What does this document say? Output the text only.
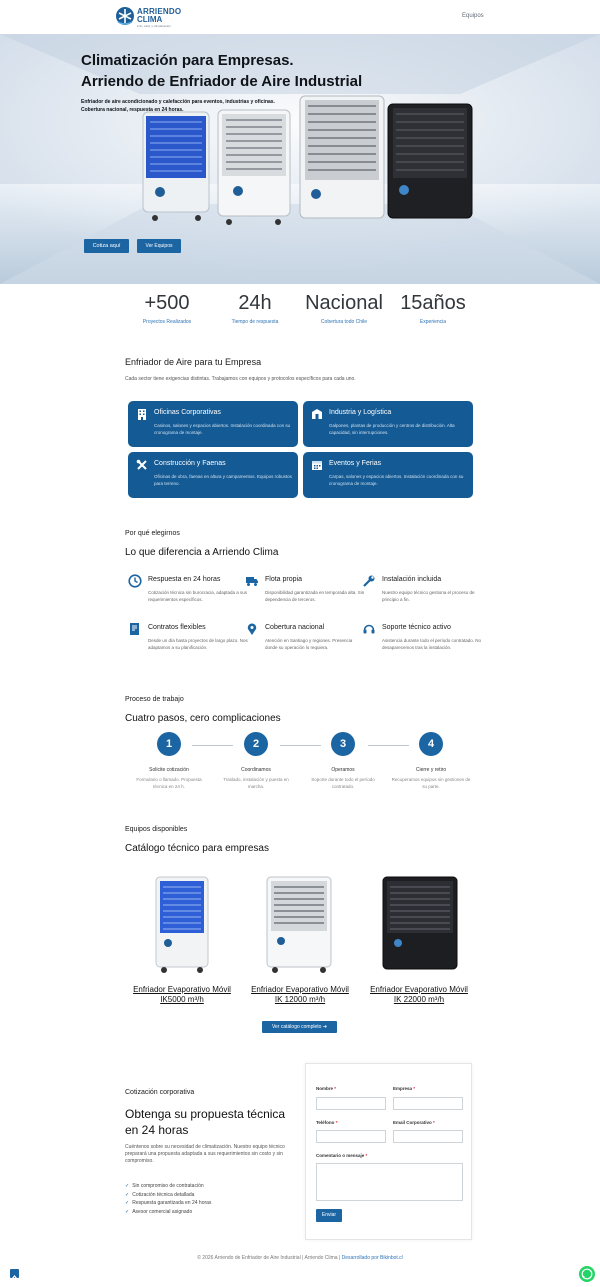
ARRIENDO
CLIMA
Frío, calor y climatización
Equipos
Climatización para Empresas.
Arriendo de Enfriador de Aire Industrial
Enfriador de aire acondicionado y calefacción para eventos, industrias y oficinas.
Cobertura nacional, respuesta en 24 horas.
Cotiza aquí	Ver Equipos
+500
Proyectos Realizados
24h
Tiempo de respuesta
Nacional
Cobertura todo Chile
15años
Experiencia
Enfriador de Aire para tu Empresa
Cada sector tiene exigencias distintas. Trabajamos con equipos y protocolos específicos para cada uno.
Oficinas Corporativas
Casinos, salones y espacios abiertos. Instalación coordinada con su cronograma de montaje.
Industria y Logística
Galpones, plantas de producción y centros de distribución. Alta capacidad, sin interrupciones.
Construcción y Faenas
Oficinas de obra, faenas en altura y campamentos. Equipos robustos para terreno.
Eventos y Ferias
Carpas, salones y espacios abiertos. Instalación coordinada con su cronograma de montaje.
Por qué elegirnos
Lo que diferencia a Arriendo Clima
Respuesta en 24 horas
Cotización técnica sin burocracia, adaptada a sus requerimientos específicos.
Flota propia
Disponibilidad garantizada en temporada alta. Sin dependencia de terceros.
Instalación incluida
Nuestro equipo técnico gestiona el proceso de principio a fin.
Contratos flexibles
Desde un día hasta proyectos de largo plazo. Nos adaptamos a su planificación.
Cobertura nacional
Atención en Santiago y regiones. Presencia donde su operación lo requiera.
Soporte técnico activo
Asistencia durante todo el período contratado. No desaparecemos tras la instalación.
Proceso de trabajo
Cuatro pasos, cero complicaciones
1	2	3	4
Solicite cotización
Formulario o llamado. Propuesta técnica en 24 h.
Coordinamos
Traslado, instalación y puesta en marcha.
Operamos
Soporte durante todo el período contratado.
Cierre y retiro
Recuperamos equipos sin gestiones de su parte.
Equipos disponibles
Catálogo técnico para empresas
Enfriador Evaporativo Móvil
IK5000 m³/h
Enfriador Evaporativo Móvil
IK 12000 m³/h
Enfriador Evaporativo Móvil
IK 22000 m³/h
Ver catálogo completo ➜
Cotización corporativa
Obtenga su propuesta técnica
en 24 horas
Cuéntenos sobre su necesidad de climatización. Nuestro equipo técnico preparará una propuesta adaptada a sus requerimientos sin costo y sin compromiso.
✓ Sin compromiso de contratación
✓ Cotización técnica detallada
✓ Respuesta garantizada en 24 horas
✓ Asesor comercial asignado
Nombre *	Empresa *
Teléfono *	Email Corporativo *
Comentario o mensaje *
Enviar
© 2026 Arriendo de Enfriador de Aire Industrial | Arriendo Clima | Desarrollado por Bikinbot.cl
